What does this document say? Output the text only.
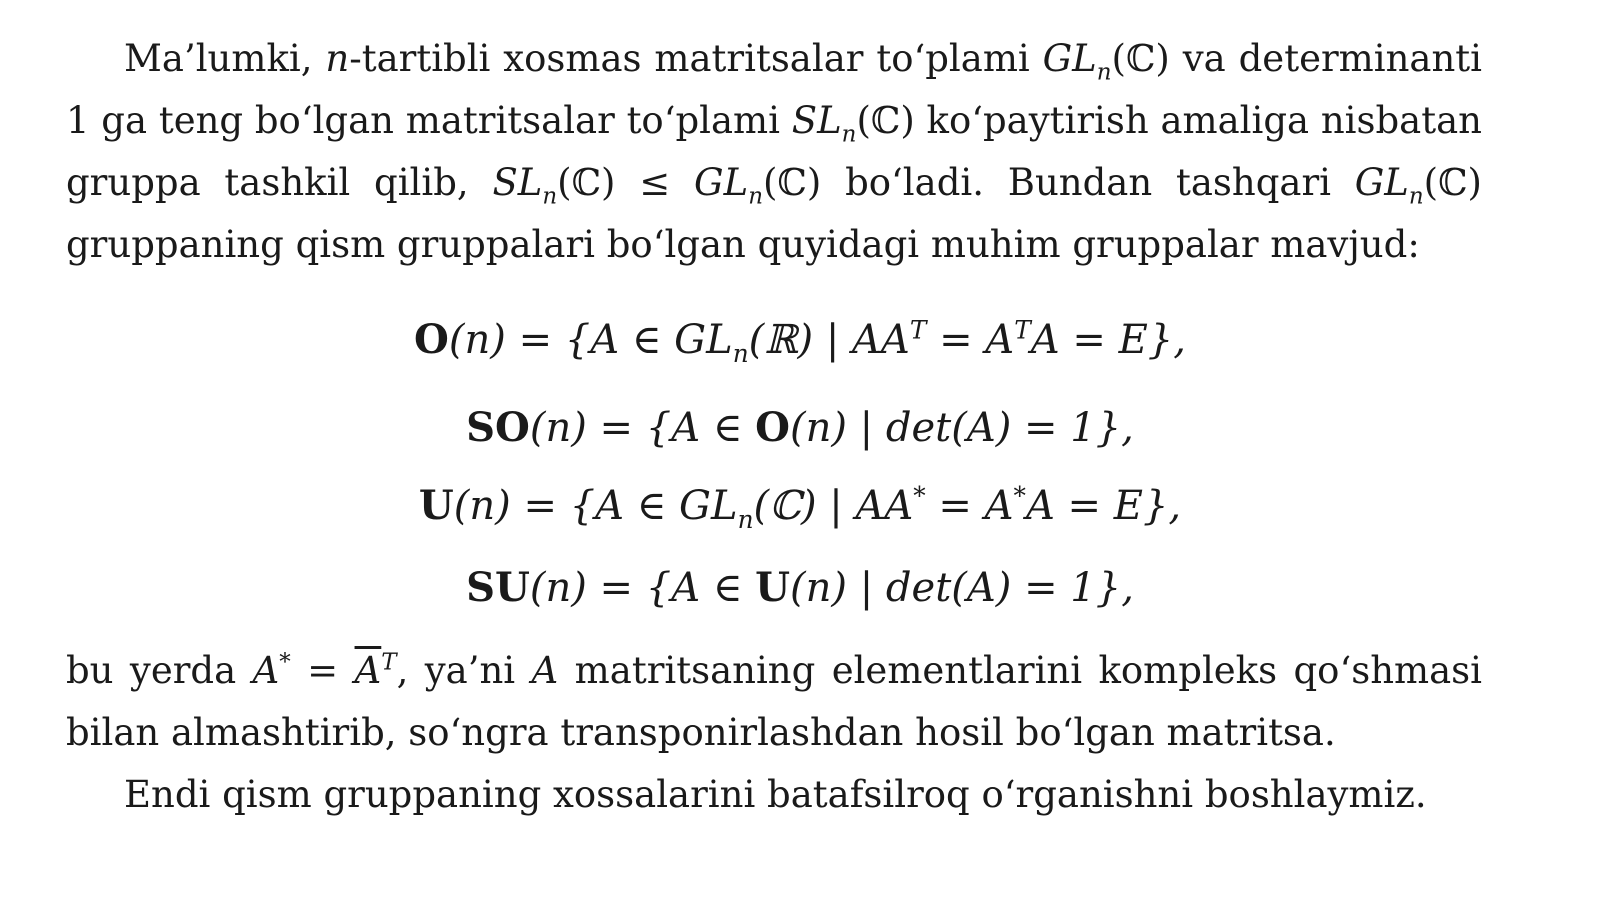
Ma’lumki, n-tartibli xosmas matritsalar to‘plami $GL_n(ℂ)$ va determinanti 1 ga teng bo‘lgan matritsalar to‘plami $SL_n(ℂ)$ ko‘paytirish amaliga nisbatan gruppa tashkil qilib, $SL_n(ℂ)$ ≤ $GL_n(ℂ)$ bo‘ladi. Bundan tashqari $GL_n(ℂ)$ gruppaning qism gruppalari bo‘lgan quyidagi muhim gruppalar mavjud:

O(n) = {A ∈ $GL_n(ℝ)$ | $AA^T = A^TA = E$},

SO(n) = {A ∈ O(n) | det(A) = 1},

U(n) = {A ∈ $GL_n(ℂ)$ | AA* = A*A = E},

SU(n) = {A ∈ U(n) | det(A) = 1},

bu yerda $A^* = \overline{A}^T$, ya’ni A matritsaning elementlarini kompleks qo‘shmasi bilan almashtirib, so‘ngra transponirlashdan hosil bo‘lgan matritsa.

Endi qism gruppaning xossalarini batafsilroq o‘rganishni boshlaymiz.
